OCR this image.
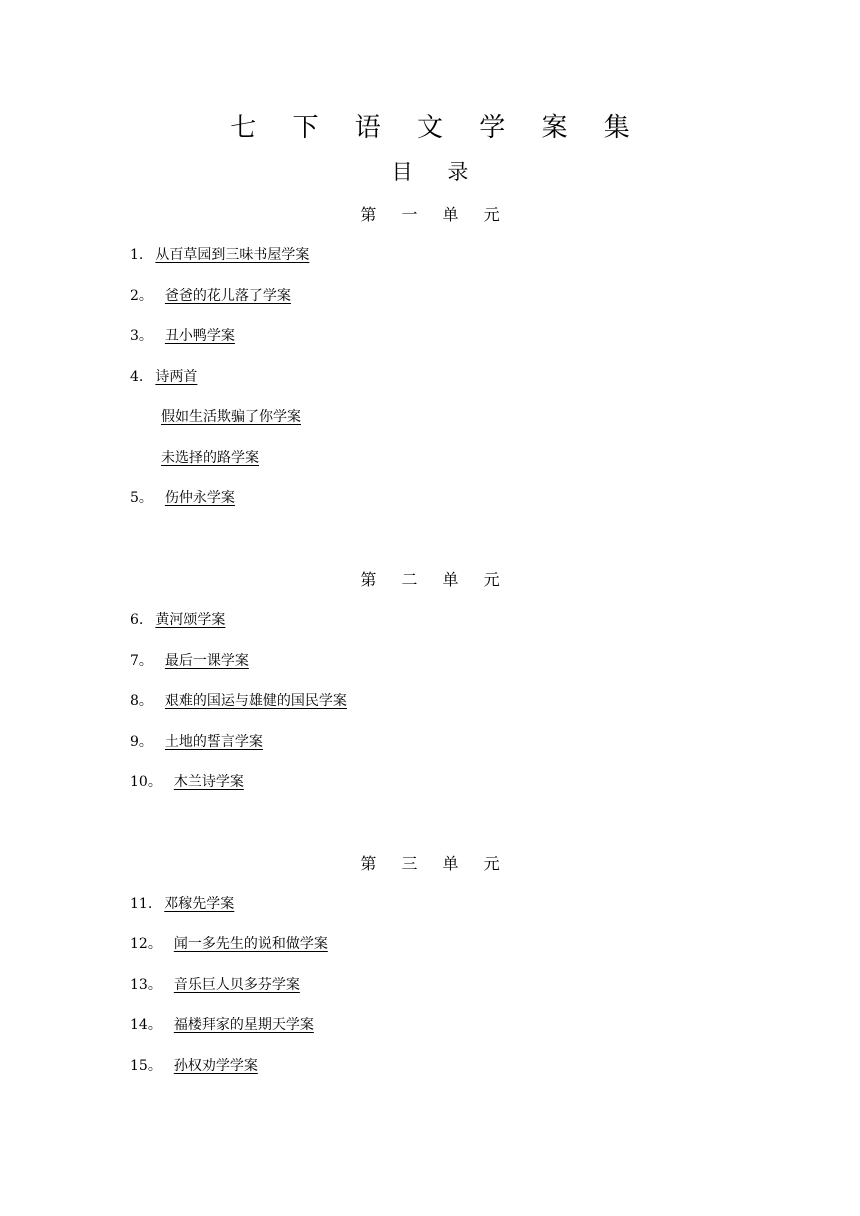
七 下 语 文 学 案 集
目 录
第 一 单 元
1. 从百草园到三味书屋学案
2。 爸爸的花儿落了学案
3。 丑小鸭学案
4. 诗两首
假如生活欺骗了你学案
未选择的路学案
5。 伤仲永学案
第 二 单 元
6. 黄河颂学案
7。 最后一课学案
8。 艰难的国运与雄健的国民学案
9。 土地的誓言学案
10。 木兰诗学案
第 三 单 元
11. 邓稼先学案
12。 闻一多先生的说和做学案
13。 音乐巨人贝多芬学案
14。 福楼拜家的星期天学案
15。 孙权劝学学案
